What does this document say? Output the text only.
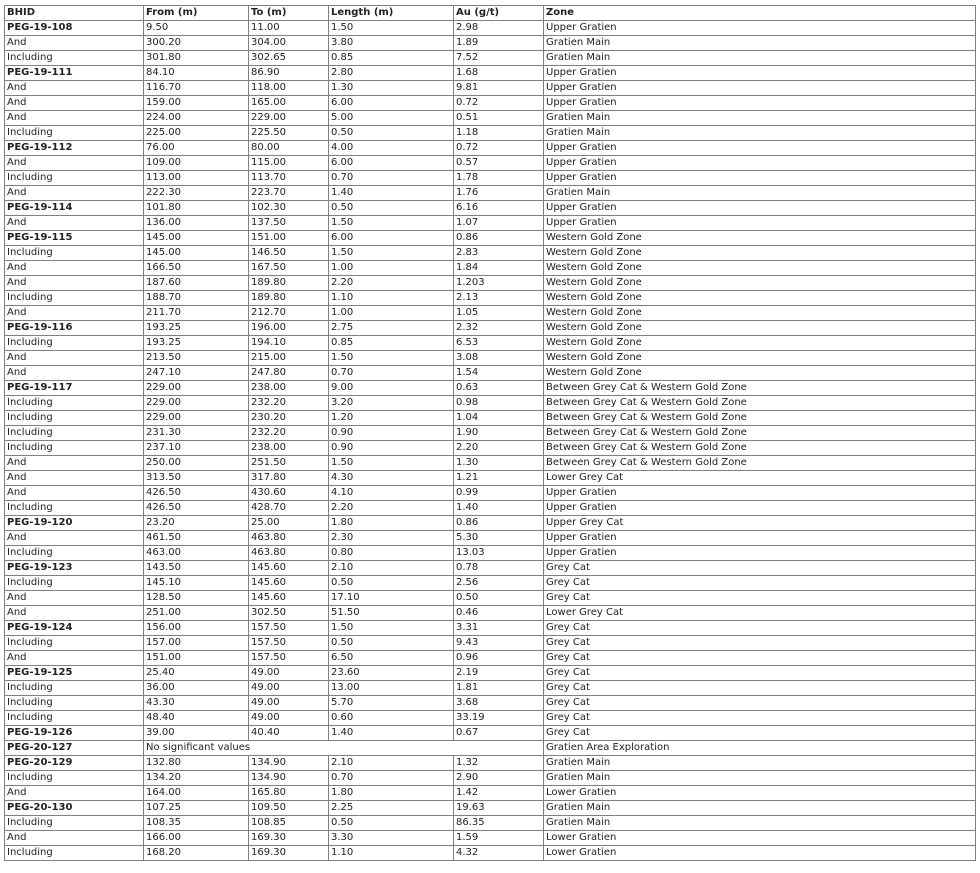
BHID	From (m)	To (m)	Length (m)	Au (g/t)	Zone
PEG-19-108	9.50	11.00	1.50	2.98	Upper Gratien
And	300.20	304.00	3.80	1.89	Gratien Main
Including	301.80	302.65	0.85	7.52	Gratien Main
PEG-19-111	84.10	86.90	2.80	1.68	Upper Gratien
And	116.70	118.00	1.30	9.81	Upper Gratien
And	159.00	165.00	6.00	0.72	Upper Gratien
And	224.00	229.00	5.00	0.51	Gratien Main
Including	225.00	225.50	0.50	1.18	Gratien Main
PEG-19-112	76.00	80.00	4.00	0.72	Upper Gratien
And	109.00	115.00	6.00	0.57	Upper Gratien
Including	113.00	113.70	0.70	1.78	Upper Gratien
And	222.30	223.70	1.40	1.76	Gratien Main
PEG-19-114	101.80	102.30	0.50	6.16	Upper Gratien
And	136.00	137.50	1.50	1.07	Upper Gratien
PEG-19-115	145.00	151.00	6.00	0.86	Western Gold Zone
Including	145.00	146.50	1.50	2.83	Western Gold Zone
And	166.50	167.50	1.00	1.84	Western Gold Zone
And	187.60	189.80	2.20	1.203	Western Gold Zone
Including	188.70	189.80	1.10	2.13	Western Gold Zone
And	211.70	212.70	1.00	1.05	Western Gold Zone
PEG-19-116	193.25	196.00	2.75	2.32	Western Gold Zone
Including	193.25	194.10	0.85	6.53	Western Gold Zone
And	213.50	215.00	1.50	3.08	Western Gold Zone
And	247.10	247.80	0.70	1.54	Western Gold Zone
PEG-19-117	229.00	238.00	9.00	0.63	Between Grey Cat & Western Gold Zone
Including	229.00	232.20	3.20	0.98	Between Grey Cat & Western Gold Zone
Including	229.00	230.20	1.20	1.04	Between Grey Cat & Western Gold Zone
Including	231.30	232.20	0.90	1.90	Between Grey Cat & Western Gold Zone
Including	237.10	238.00	0.90	2.20	Between Grey Cat & Western Gold Zone
And	250.00	251.50	1.50	1.30	Between Grey Cat & Western Gold Zone
And	313.50	317.80	4.30	1.21	Lower Grey Cat
And	426.50	430.60	4.10	0.99	Upper Gratien
Including	426.50	428.70	2.20	1.40	Upper Gratien
PEG-19-120	23.20	25.00	1.80	0.86	Upper Grey Cat
And	461.50	463.80	2.30	5.30	Upper Gratien
Including	463.00	463.80	0.80	13.03	Upper Gratien
PEG-19-123	143.50	145.60	2.10	0.78	Grey Cat
Including	145.10	145.60	0.50	2.56	Grey Cat
And	128.50	145.60	17.10	0.50	Grey Cat
And	251.00	302.50	51.50	0.46	Lower Grey Cat
PEG-19-124	156.00	157.50	1.50	3.31	Grey Cat
Including	157.00	157.50	0.50	9.43	Grey Cat
And	151.00	157.50	6.50	0.96	Grey Cat
PEG-19-125	25.40	49.00	23.60	2.19	Grey Cat
Including	36.00	49.00	13.00	1.81	Grey Cat
Including	43.30	49.00	5.70	3.68	Grey Cat
Including	48.40	49.00	0.60	33.19	Grey Cat
PEG-19-126	39.00	40.40	1.40	0.67	Grey Cat
PEG-20-127	No significant values				Gratien Area Exploration
PEG-20-129	132.80	134.90	2.10	1.32	Gratien Main
Including	134.20	134.90	0.70	2.90	Gratien Main
And	164.00	165.80	1.80	1.42	Lower Gratien
PEG-20-130	107.25	109.50	2.25	19.63	Gratien Main
Including	108.35	108.85	0.50	86.35	Gratien Main
And	166.00	169.30	3.30	1.59	Lower Gratien
Including	168.20	169.30	1.10	4.32	Lower Gratien
